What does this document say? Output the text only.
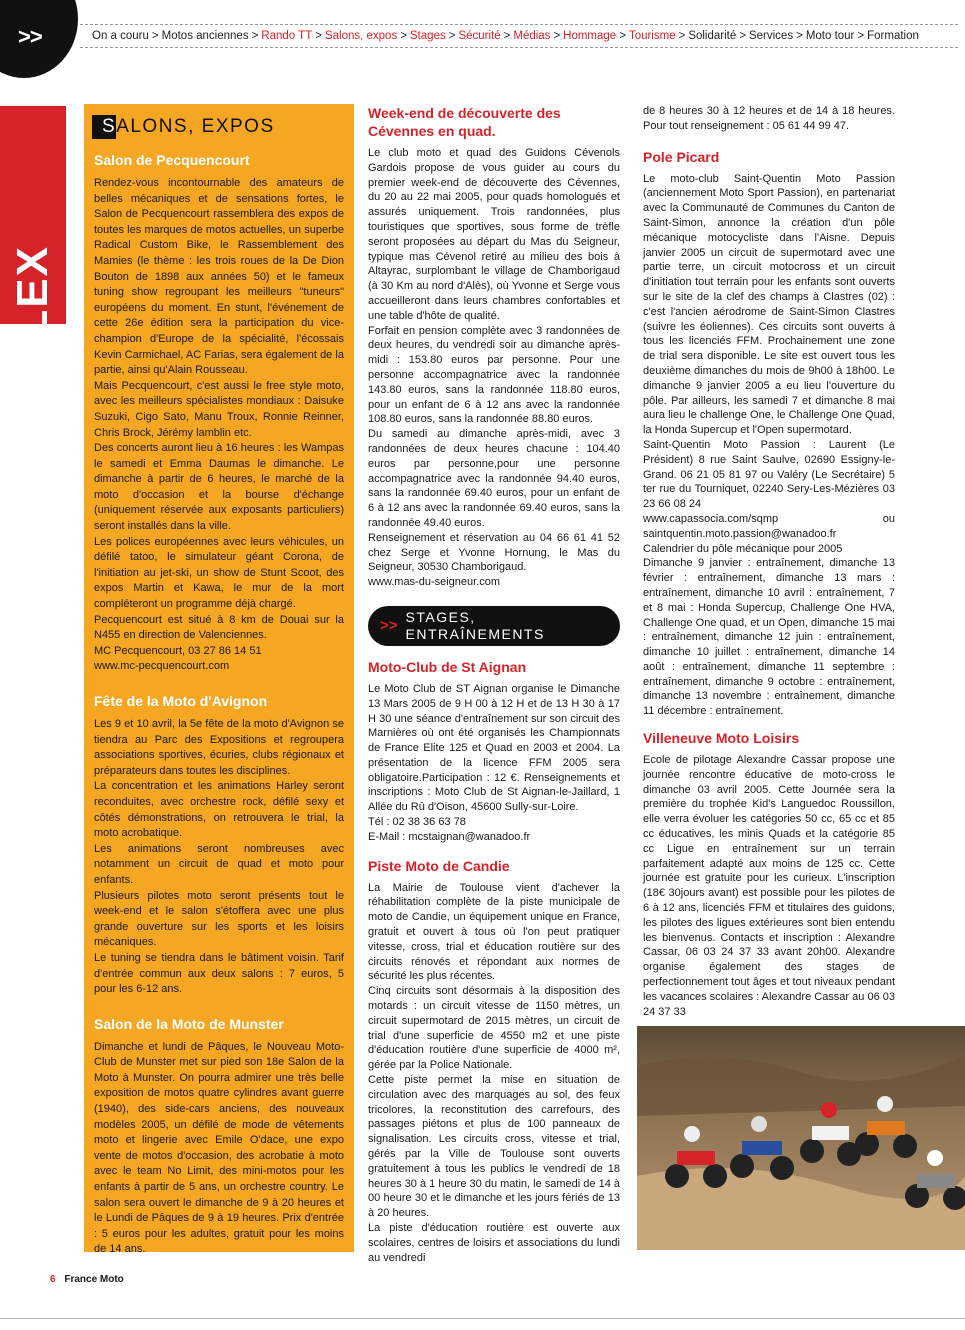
>>
TÉLEX
On a couru > Motos anciennes > Rando TT > Salons, expos > Stages > Sécurité > Médias > Hommage > Tourisme > Solidarité > Services > Moto tour > Formation
SALONS, EXPOS
Salon de Pecquencourt

Rendez-vous incontournable des amateurs de belles mécaniques et de sensations fortes, le Salon de Pecquencourt rassemblera des expos de toutes les marques de motos actuelles, un superbe Radical Custom Bike, le Rassemblement des Mamies (le thème : les trois roues de la De Dion Bouton de 1898 aux années 50) et le fameux tuning show regroupant les meilleurs "tuneurs" européens du moment. En stunt, l'événement de cette 26e édition sera la participation du vice-champion d'Europe de la spécialité, l'écossais Kevin Carmichael, AC Farias, sera également de la partie, ainsi qu'Alain Rousseau.

Mais Pecquencourt, c'est aussi le free style moto, avec les meilleurs spécialistes mondiaux : Daisuke Suzuki, Cigo Sato, Manu Troux, Ronnie Reinner, Chris Brock, Jérémy lamblin etc.

Des concerts auront lieu à 16 heures : les Wampas le samedi et Emma Daumas le dimanche. Le dimanche à partir de 6 heures, le marché de la moto d'occasion et la bourse d'échange (uniquement réservée aux exposants particuliers) seront installés dans la ville.

Les polices européennes avec leurs véhicules, un défilé tatoo, le simulateur géant Corona, de l'initiation au jet-ski, un show de Stunt Scoot, des expos Martin et Kawa, le mur de la mort compléteront un programme déjà chargé.

Pecquencourt est situé à 8 km de Douai sur la N455 en direction de Valenciennes.

MC Pecquencourt, 03 27 86 14 51

www.mc-pecquencourt.com

Fête de la Moto d'Avignon

Les 9 et 10 avril, la 5e fête de la moto d'Avignon se tiendra au Parc des Expositions et regroupera associations sportives, écuries, clubs régionaux et préparateurs dans toutes les disciplines.

La concentration et les animations Harley seront reconduites, avec orchestre rock, défilé sexy et côtés démonstrations, on retrouvera le trial, la moto acrobatique.

Les animations seront nombreuses avec notamment un circuit de quad et moto pour enfants.

Plusieurs pilotes moto seront présents tout le week-end et le salon s'étoffera avec une plus grande ouverture sur les sports et les loisirs mécaniques.

Le tuning se tiendra dans le bâtiment voisin. Tarif d'entrée commun aux deux salons : 7 euros, 5 pour les 6-12 ans.

Salon de la Moto de Munster

Dimanche et lundi de Pâques, le Nouveau Moto-Club de Munster met sur pied son 18e Salon de la Moto à Munster. On pourra admirer une très belle exposition de motos quatre cylindres avant guerre (1940), des side-cars anciens, des nouveaux modèles 2005, un défilé de mode de vêtements moto et lingerie avec Emile O'dace, une expo vente de motos d'occasion, des acrobatie à moto avec le team No Limit, des mini-motos pour les enfants à partir de 5 ans, un orchestre country. Le salon sera ouvert le dimanche de 9 à 20 heures et le Lundi de Pâques de 9 à 19 heures. Prix d'entrée : 5 euros pour les adultes, gratuit pour les moins de 14 ans.

Week-end de découverte des Cévennes en quad.

Le club moto et quad des Guidons Cévenols Gardois propose de vous guider au cours du premier week-end de découverte des Cévennes, du 20 au 22 mai 2005, pour quads homologués et assurés uniquement. Trois randonnées, plus touristiques que sportives, sous forme de trèfle seront proposées au départ du Mas du Seigneur, typique mas Cévenol retiré au milieu des bois à Altayrac, surplombant le village de Chamborigaud (à 30 Km au nord d'Alès), où Yvonne et Serge vous accueilleront dans leurs chambres confortables et une table d'hôte de qualité.

Forfait en pension complète avec 3 randonnées de deux heures, du vendredi soir au dimanche après-midi : 153.80 euros par personne. Pour une personne accompagnatrice avec la randonnée 143.80 euros, sans la randonnée 118.80 euros, pour un enfant de 6 à 12 ans avec la randonnée 108.80 euros, sans la randonnée 88.80 euros.

Du samedi au dimanche après-midi, avec 3 randonnées de deux heures chacune : 104.40 euros par personne,pour une personne accompagnatrice avec la randonnée 94.40 euros, sans la randonnée 69.40 euros, pour un enfant de 6 à 12 ans avec la randonnée 69.40 euros, sans la randonnée 49.40 euros.

Renseignement et réservation au 04 66 61 41 52 chez Serge et Yvonne Hornung, le Mas du Seigneur, 30530 Chamborigaud.

www.mas-du-seigneur.com

>>
STAGES,
ENTRAÎNEMENTS
Moto-Club de St Aignan

Le Moto Club de ST Aignan organise le Dimanche 13 Mars 2005 de 9 H 00 à 12 H et de 13 H 30 à 17 H 30 une séance d'entraînement sur son circuit des Marnières où ont été organisés les Championnats de France Elite 125 et Quad en 2003 et 2004. La présentation de la licence FFM 2005 sera obligatoire.Participation : 12 €. Renseignements et inscriptions : Moto Club de St Aignan-le-Jaillard, 1 Allée du Rû d'Oison, 45600 Sully-sur-Loire.

Tél : 02 38 36 63 78

E-Mail : mcstaignan@wanadoo.fr

Piste Moto de Candie

La Mairie de Toulouse vient d'achever la réhabilitation complète de la piste municipale de moto de Candie, un équipement unique en France, gratuit et ouvert à tous où l'on peut pratiquer vitesse, cross, trial et éducation routière sur des circuits rénovés et répondant aux normes de sécurité les plus récentes.

Cinq circuits sont désormais à la disposition des motards : un circuit vitesse de 1150 mètres, un circuit supermotard de 2015 mètres, un circuit de trial d'une superficie de 4550 m2 et une piste d'éducation routière d'une superficie de 4000 m², gérée par la Police Nationale.

Cette piste permet la mise en situation de circulation avec des marquages au sol, des feux tricolores, la reconstitution des carrefours, des passages piétons et plus de 100 panneaux de signalisation. Les circuits cross, vitesse et trial, gérés par la Ville de Toulouse sont ouverts gratuitement à tous les publics le vendredi de 18 heures 30 à 1 heure 30 du matin, le samedi de 14 à 00 heure 30 et le dimanche et les jours fériés de 13 à 20 heures.

La piste d'éducation routière est ouverte aux scolaires, centres de loisirs et associations du lundi au vendredi

de 8 heures 30 à 12 heures et de 14 à 18 heures. Pour tout renseignement : 05 61 44 99 47.

Pole Picard

Le moto-club Saint-Quentin Moto Passion (anciennement Moto Sport Passion), en partenariat avec la Communauté de Communes du Canton de Saint-Simon, annonce la création d'un pôle mécanique motocycliste dans l'Aisne. Depuis janvier 2005 un circuit de supermotard avec une partie terre, un circuit motocross et un circuit d'initiation tout terrain pour les enfants sont ouverts sur le site de la clef des champs à Clastres (02) : c'est l'ancien aérodrome de Saint-Simon Clastres (suivre les éoliennes). Ces circuits sont ouverts à tous les licenciés FFM. Prochainement une zone de trial sera disponible. Le site est ouvert tous les deuxième dimanches du mois de 9h00 à 18h00. Le dimanche 9 janvier 2005 a eu lieu l'ouverture du pôle. Par ailleurs, les samedi 7 et dimanche 8 mai aura lieu le challenge One, le Challenge One Quad, la Honda Supercup et l'Open supermotard.

Saint-Quentin Moto Passion : Laurent (Le Président) 8 rue Saint Saulve, 02690 Essigny-le-Grand. 06 21 05 81 97 ou Valéry (Le Secrétaire) 5 ter rue du Tourniquet, 02240 Sery-Les-Mézières 03 23 66 08 24

www.capassocia.com/sqmp ou saintquentin.moto.passion@wanadoo.fr

Calendrier du pôle mécanique pour 2005

Dimanche 9 janvier : entraînement, dimanche 13 février : entraînement, dimanche 13 mars : entraînement, dimanche 10 avril : entraînement, 7 et 8 mai : Honda Supercup, Challenge One HVA, Challenge One quad, et un Open, dimanche 15 mai : entraînement, dimanche 12 juin : entraînement, dimanche 10 juillet : entraînement, dimanche 14 août : entraînement, dimanche 11 septembre : entraînement, dimanche 9 octobre : entraînement, dimanche 13 novembre : entraînement, dimanche 11 décembre : entraînement.

Villeneuve Moto Loisirs

Ecole de pilotage Alexandre Cassar propose une journée rencontre éducative de moto-cross le dimanche 03 avril 2005. Cette Journée sera la première du trophée Kid's Languedoc Roussillon, elle verra évoluer les catégories 50 cc, 65 cc et 85 cc éducatives, les minis Quads et la catégorie 85 cc Ligue en entraînement sur un terrain parfaitement adapté aux moins de 125 cc. Cette journée est gratuite pour les curieux. L'inscription (18€ 30jours avant) est possible pour les pilotes de 6 à 12 ans, licenciés FFM et titulaires des guidons, les pilotes des ligues extérieures sont bien entendu les bienvenus. Contacts et inscription : Alexandre Cassar, 06 03 24 37 33 avant 20h00. Alexandre organise également des stages de perfectionnement tout âges et tout niveaux pendant les vacances scolaires : Alexandre Cassar au 06 03 24 37 33

6 France Moto
